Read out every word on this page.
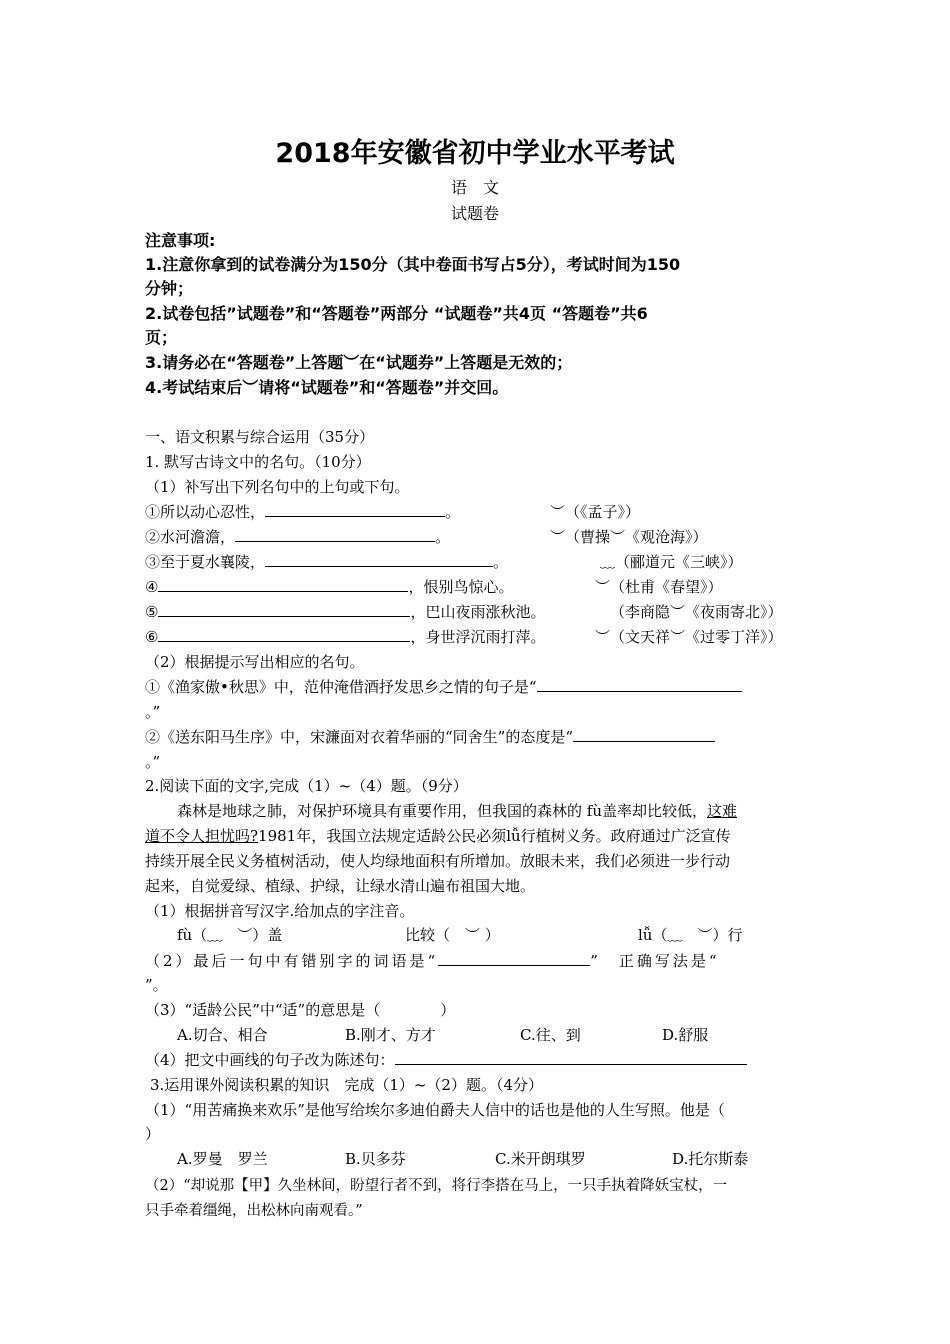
2018年安徽省初中学业水平考试
语　文
试题卷
注意事项:
1.注意你拿到的试卷满分为150分（其中卷面书写占5分），考试时间为150
分钟；
2.试卷包括”试题卷”和“答题卷”两部分 “试题卷”共4页 “答题卷”共6
页；
3.请务必在“答题卷”上答题︶在“试题券”上答题是无效的；
4.考试结束后︶请将“试题卷”和“答题卷”并交回。
一、语文积累与综合运用（35分）
1. 默写古诗文中的名句。（10分）
（1）补写出下列名句中的上句或下句。
①所以动心忍性，	。	︶（《孟子》）
②水河澹澹，	。	︶（曹操︶《观沧海》）
③至于夏水襄陵，	。	﹏（郦道元《三峡》）
④	，恨别鸟惊心。	︶（杜甫《春望》）
⑤	，巴山夜雨涨秋池。	（李商隐︶《夜雨寄北》）
⑥	，身世浮沉雨打萍。	︶（文天祥︶《过零丁洋》）
（2）根据提示写出相应的名句。
①《渔家傲•秋思》中，范仲淹借酒抒发思乡之情的句子是“
。”
②《送东阳马生序》中，宋濂面对衣着华丽的“同舍生”的态度是“
。”
2.阅读下面的文字,完成（1）~（4）题。（9分）
森林是地球之肺，对保护环境具有重要作用，但我国的森林的 fù盖率却比较低，这难
道不令人担忧吗?1981年，我国立法规定适龄公民必须lǚ行植树义务。政府通过广泛宣传
持续开展全民义务植树活动，使人均绿地面积有所增加。放眼未来，我们必须进一步行动
起来，自觉爱绿、植绿、护绿，让绿水清山遍布祖国大地。
（1）根据拼音写汉字.给加点的字注音。
fù（﹏　︶）盖	比较（　︶ ）	lǚ（﹏　︶）行
（2）最后一句中有错别字的词语是“	”　正确写法是“
”。
（3）“适龄公民”中“适”的意思是（　　　　）
A.切合、相合	B.刚才、方才	C.往、到	D.舒服
（4）把文中画线的句子改为陈述句：
3.运用课外阅读积累的知识　完成（1）~（2）题。（4分）
（1）“用苦痛换来欢乐”是他写给埃尔多迪伯爵夫人信中的话也是他的人生写照。他是（
）
A.罗曼　罗兰	B.贝多芬	C.米开朗琪罗	D.托尔斯泰
（2）“却说那【甲】久坐林间，盼望行者不到，将行李搭在马上，一只手执着降妖宝杖，一
只手牵着缰绳，出松林向南观看。”
